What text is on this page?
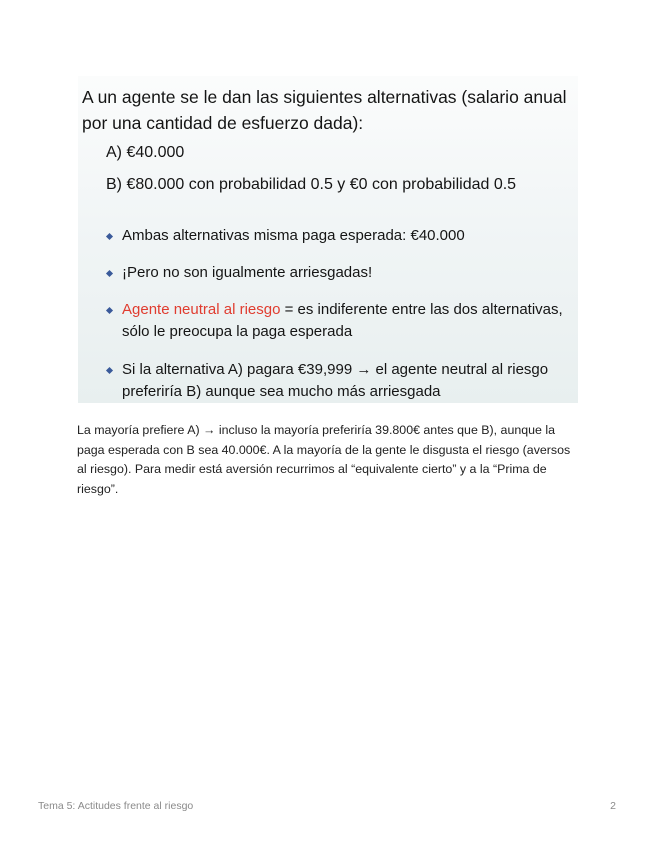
A un agente se le dan las siguientes alternativas (salario anual por una cantidad de esfuerzo dada):

A) €40.000

B) €80.000 con probabilidad 0.5 y €0 con probabilidad 0.5

Ambas alternativas misma paga esperada: €40.000

¡Pero no son igualmente arriesgadas!

Agente neutral al riesgo = es indiferente entre las dos alternativas, sólo le preocupa la paga esperada

Si la alternativa A) pagara €39,999 → el agente neutral al riesgo preferiría B) aunque sea mucho más arriesgada

La mayoría prefiere A) → incluso la mayoría preferiría 39.800€ antes que B), aunque la paga esperada con B sea 40.000€. A la mayoría de la gente le disgusta el riesgo (aversos al riesgo). Para medir está aversión recurrimos al “equivalente cierto” y a la “Prima de riesgo”.

Tema 5: Actitudes frente al riesgo	2
